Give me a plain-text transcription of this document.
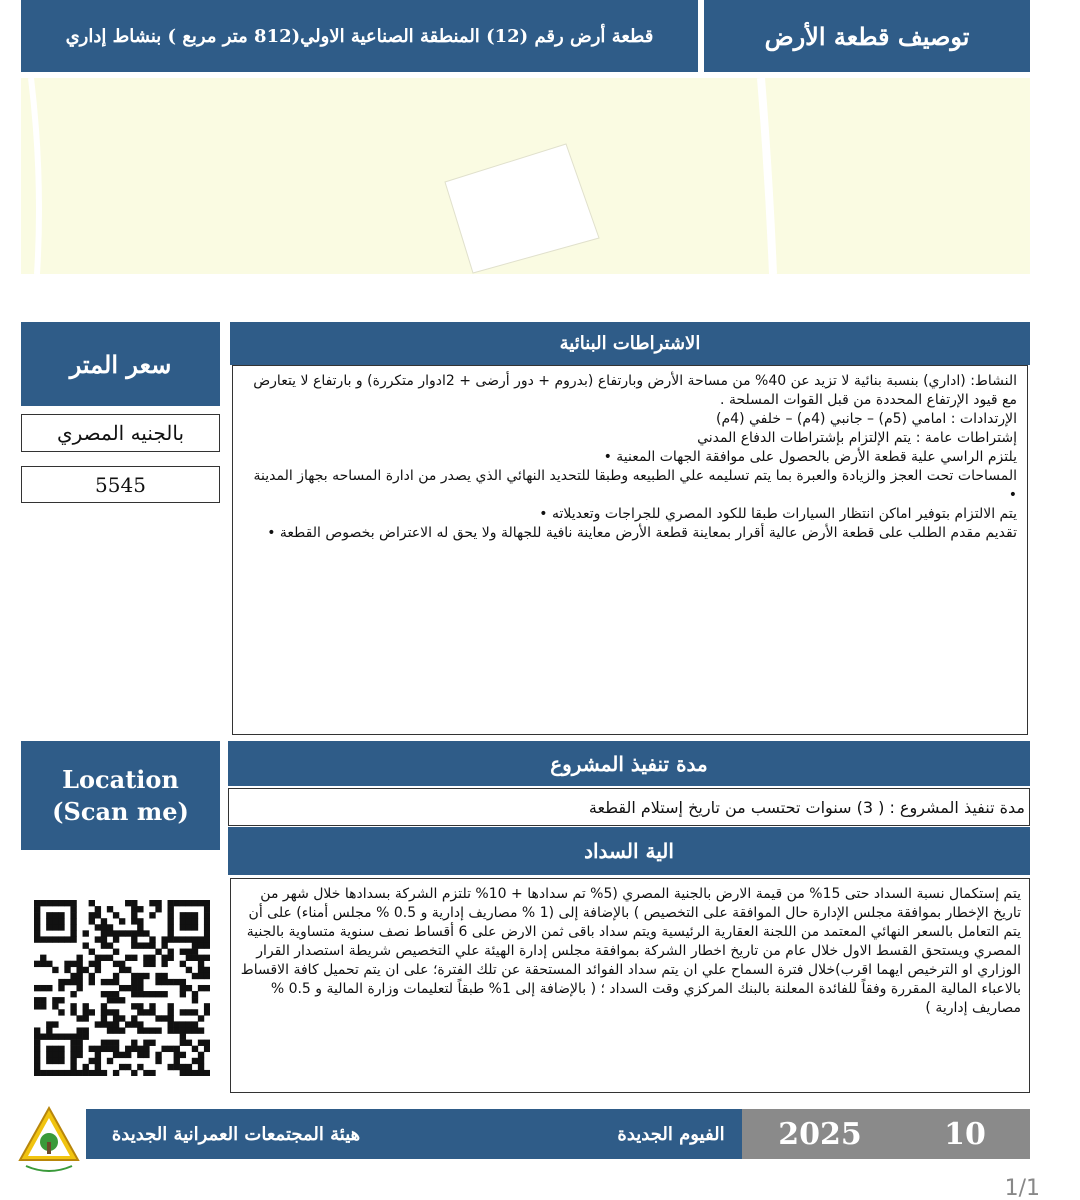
توصيف قطعة الأرض
قطعة أرض رقم (12) المنطقة الصناعية الاولي(812 متر مربع ) بنشاط إداري
سعر المتر
بالجنيه المصري
5545
الاشتراطات البنائية

النشاط: (اداري) بنسبة بنائية لا تزيد عن 40% من مساحة الأرض وبارتفاع (بدروم + دور أرضى + 2ادوار متكررة) و بارتفاع لا يتعارض مع قيود الإرتفاع المحددة من قبل القوات المسلحة .

الإرتدادات : امامي (5م) – جانبي (4م) – خلفي (4م)

إشتراطات عامة : يتم الإلتزام بإشتراطات الدفاع المدني

يلتزم الراسي علية قطعة الأرض بالحصول على موافقة الجهات المعنية •

المساحات تحت العجز والزيادة والعبرة بما يتم تسليمه علي الطبيعه وطبقا للتحديد النهائي الذي يصدر من ادارة المساحه بجهاز المدينة •

يتم الالتزام بتوفير اماكن انتظار السيارات طبقا للكود المصري للجراجات وتعديلاته •

تقديم مقدم الطلب على قطعة الأرض عالية أقرار بمعاينة قطعة الأرض معاينة نافية للجهالة ولا يحق له الاعتراض بخصوص القطعة •

Location
(Scan me)
مدة تنفيذ المشروع
مدة تنفيذ المشروع : ( 3) سنوات تحتسب من تاريخ إستلام القطعة
الية السداد
يتم إستكمال نسبة السداد حتى 15% من قيمة الارض بالجنية المصري (5% تم سدادها + 10% تلتزم الشركة بسدادها خلال شهر من تاريخ الإخطار بموافقة مجلس الإدارة حال الموافقة على التخصيص ) بالإضافة إلى (1 % مصاريف إدارية و 0.5 % مجلس أمناء) على أن يتم التعامل بالسعر النهائي المعتمد من اللجنة العقارية الرئيسية ويتم سداد باقى ثمن الارض على 6 أقساط نصف سنوية متساوية بالجنية المصري ويستحق القسط الاول خلال عام من تاريخ اخطار الشركة بموافقة مجلس إدارة الهيئة علي التخصيص شريطة استصدار القرار الوزاري او الترخيص ايهما اقرب)خلال فترة السماح علي ان يتم سداد الفوائد المستحقة عن تلك الفترة؛ على ان يتم تحميل كافة الاقساط بالاعباء المالية المقررة وفقاً للفائدة المعلنة بالبنك المركزي وقت السداد ؛ ( بالإضافة إلى 1% طبقاً لتعليمات وزارة المالية و 0.5 % مصاريف إدارية )
هيئة المجتمعات العمرانية الجديدة	الفيوم الجديدة	2025	10
1/1
